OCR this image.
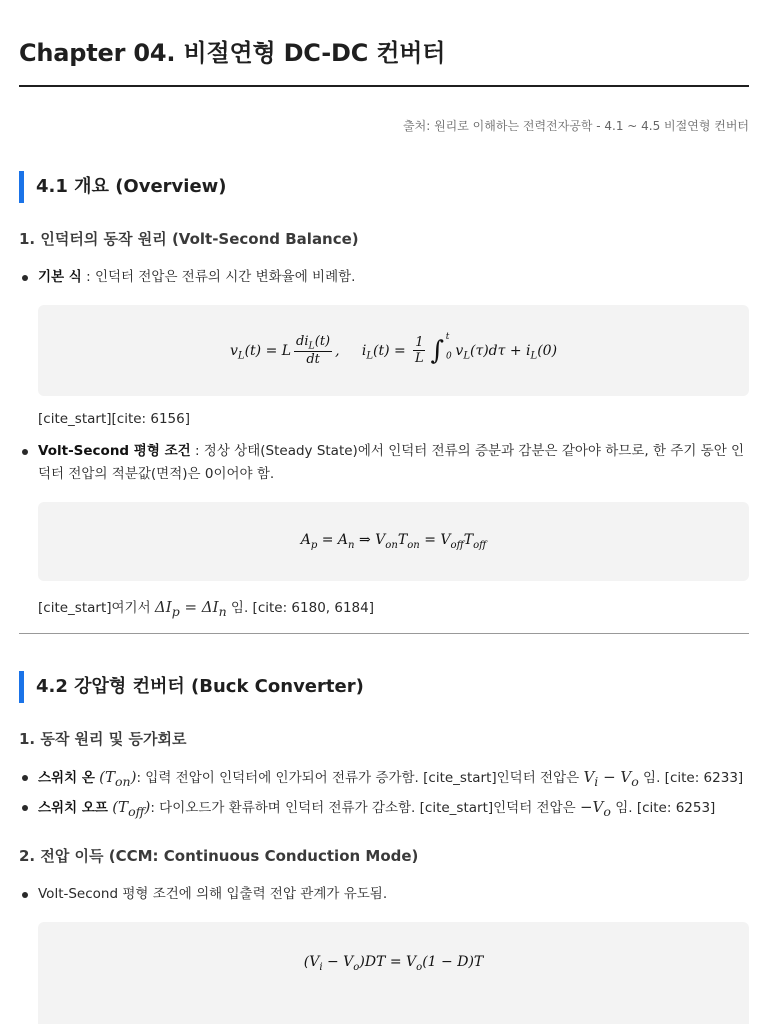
Chapter 04. 비절연형 DC-DC 컨버터
출처: 원리로 이해하는 전력전자공학 - 4.1 ~ 4.5 비절연형 컨버터
4.1 개요 (Overview)
1. 인덕터의 동작 원리 (Volt-Second Balance)
기본 식 : 인덕터 전압은 전류의 시간 변화율에 비례함.
$v_L(t) = L \frac{di_L(t)}{dt}$ ,     $i_L(t) = \frac{1}{L}$ ∫ $_0^tv_L(\tau)d\tau + i_L(0)$
[cite_start][cite: 6156]
Volt-Second 평형 조건 : 정상 상태(Steady State)에서 인덕터 전류의 증분과 감분은 같아야 하므로, 한 주기 동안 인덕터 전압의 적분값(면적)은 0이어야 함.
$A_p = A_n$ ⇒ $V_{on}T_{on} = V_{off}T_{off}$
[cite_start]여기서 $\Delta I_p = \Delta I_n$ 임. [cite: 6180, 6184]
4.2 강압형 컨버터 (Buck Converter)
1. 동작 원리 및 등가회로
스위치 온 $(T_{on})$: 입력 전압이 인덕터에 인가되어 전류가 증가함. [cite_start]인덕터 전압은 $V_i - V_o$ 임. [cite: 6233]
스위치 오프 $(T_{off})$: 다이오드가 환류하며 인덕터 전류가 감소함. [cite_start]인덕터 전압은 $-V_o$ 임. [cite: 6253]
2. 전압 이득 (CCM: Continuous Conduction Mode)
Volt-Second 평형 조건에 의해 입출력 전압 관계가 유도됨.
$(V_i - V_o)DT = V_o(1 - D)T$
